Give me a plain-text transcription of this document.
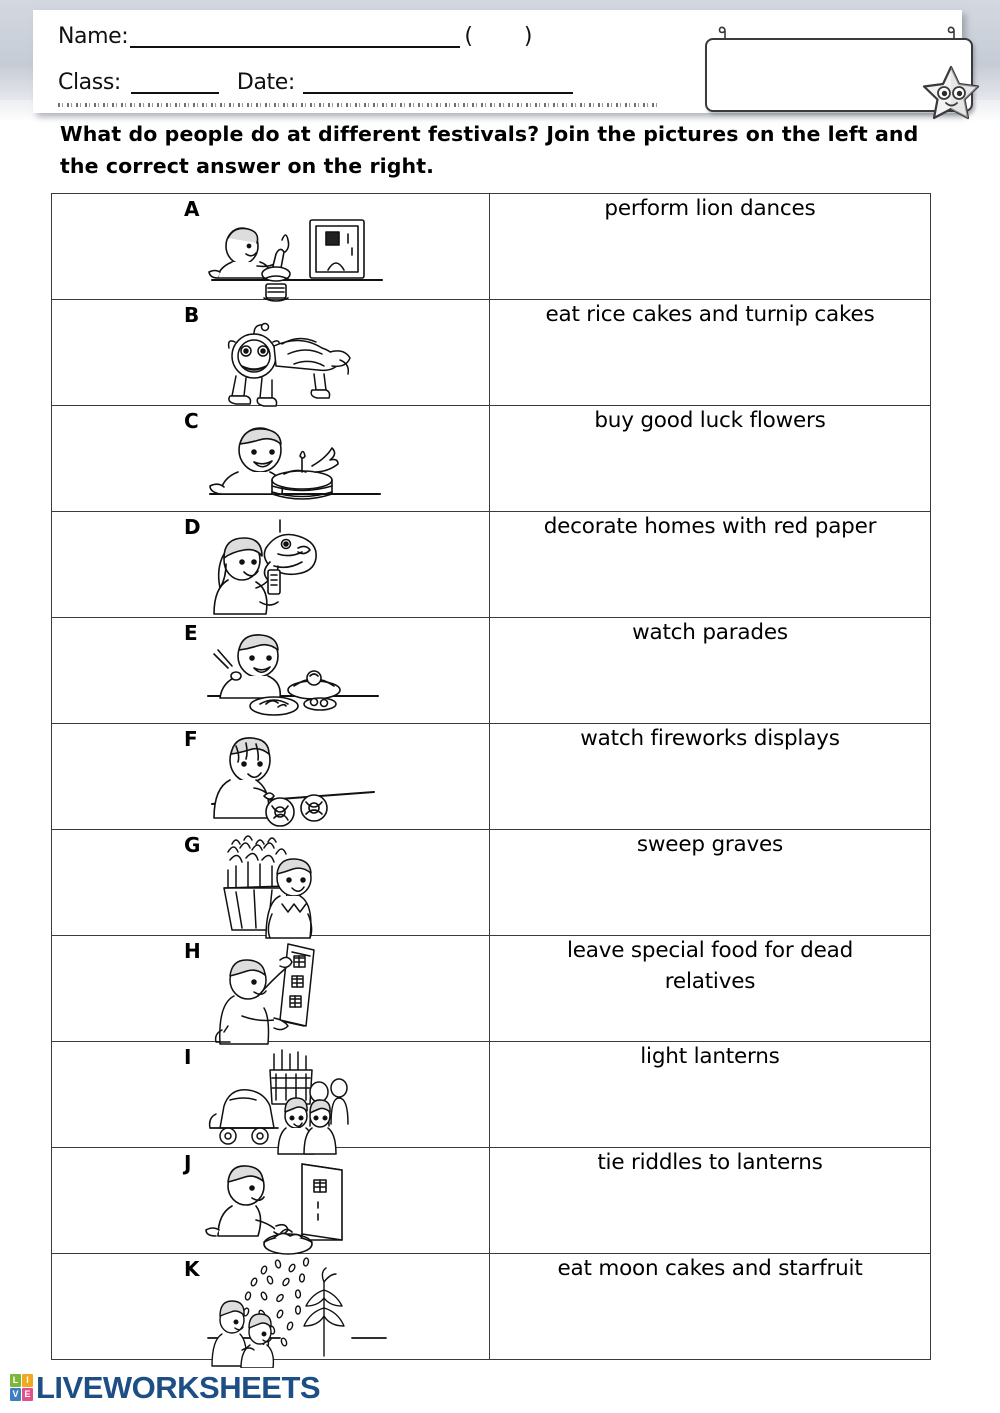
Name:	( )
Class:	Date:
What do people do at different festivals? Join the pictures on the left and the correct answer on the right.
A	perform lion dances

B	eat rice cakes and turnip cakes

C	buy good luck flowers

D	decorate homes with red paper

E	watch parades

F	watch fireworks displays

G	sweep graves

H	leave special food for dead
relatives

I	light lanterns

J	tie riddles to lanterns

K	eat moon cakes and starfruit
L I
V E LIVEWORKSHEETS
